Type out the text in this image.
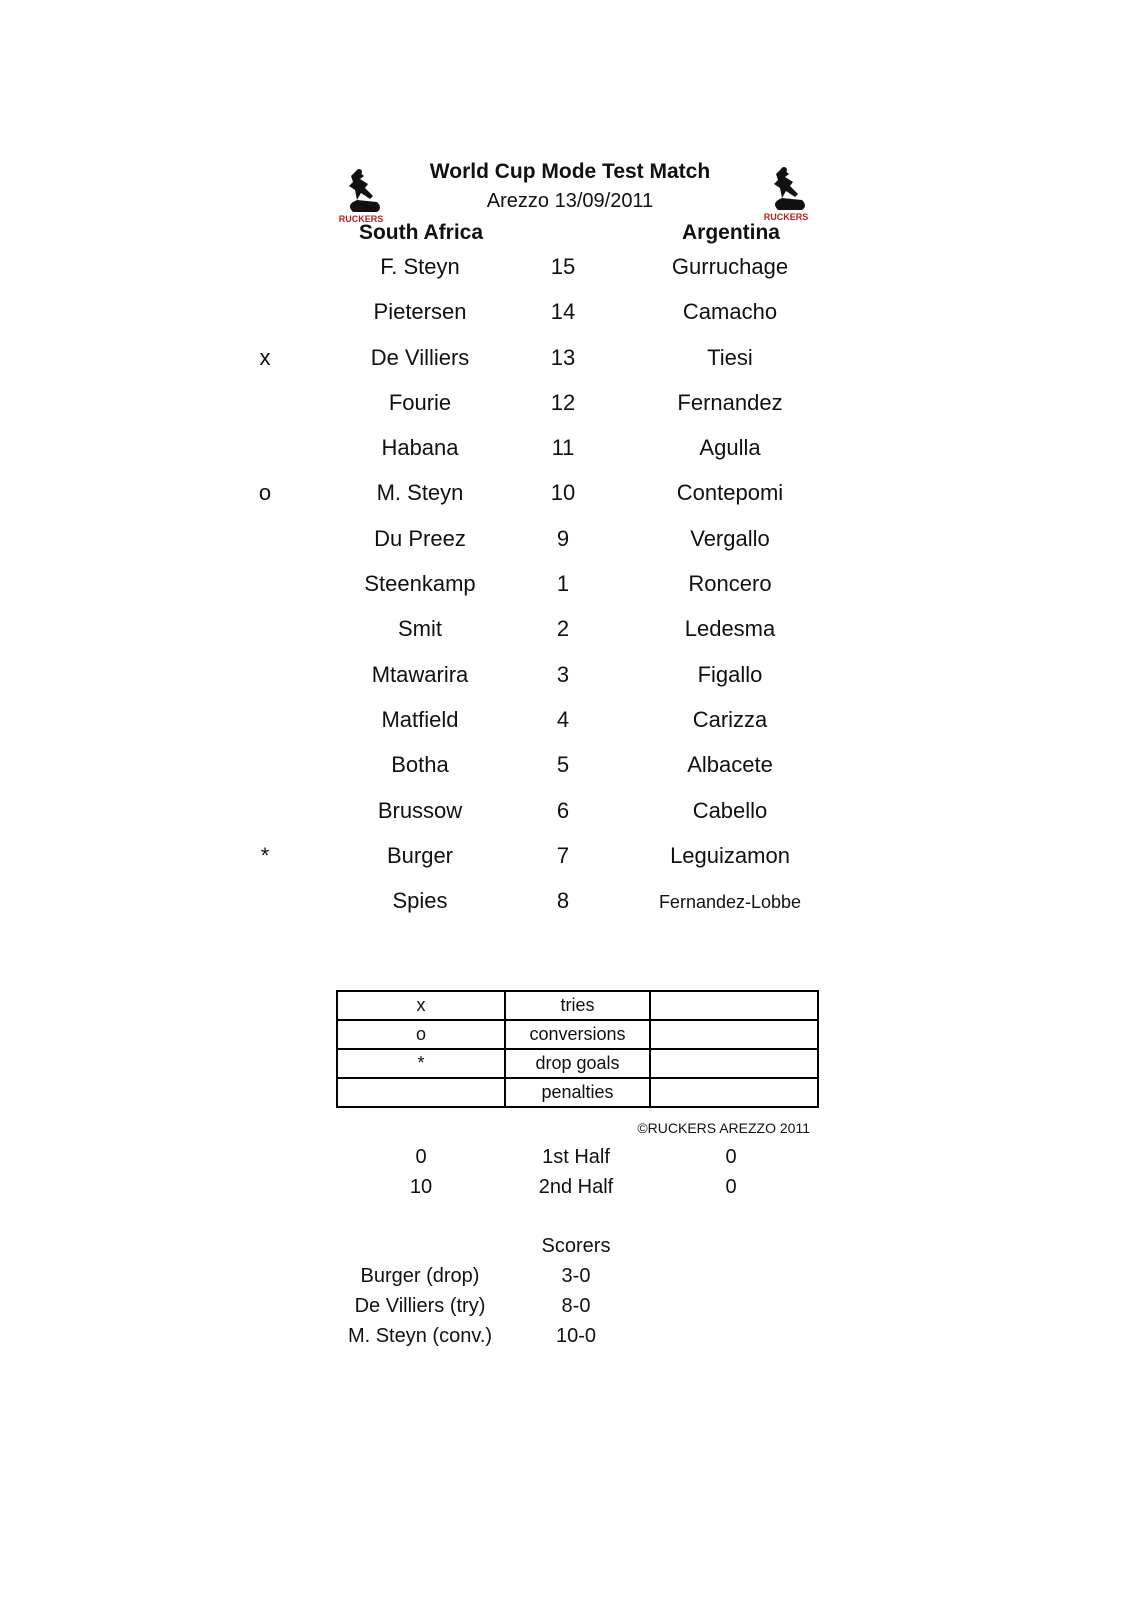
RUCKERS	RUCKERS
World Cup Mode Test Match
Arezzo 13/09/2011
South Africa	Argentina
F. Steyn	15	Gurruchage
Pietersen	14	Camacho
x	De Villiers	13	Tiesi
Fourie	12	Fernandez
Habana	11	Agulla
o	M. Steyn	10	Contepomi
Du Preez	9	Vergallo
Steenkamp	1	Roncero
Smit	2	Ledesma
Mtawarira	3	Figallo
Matfield	4	Carizza
Botha	5	Albacete
Brussow	6	Cabello
*	Burger	7	Leguizamon
Spies	8	Fernandez-Lobbe
x	tries	
o	conversions	
*	drop goals	
	penalties	
©RUCKERS AREZZO 2011
0	1st Half	0
10	2nd Half	0
Scorers
Burger (drop)	3-0
De Villiers (try)	8-0
M. Steyn (conv.)	10-0
